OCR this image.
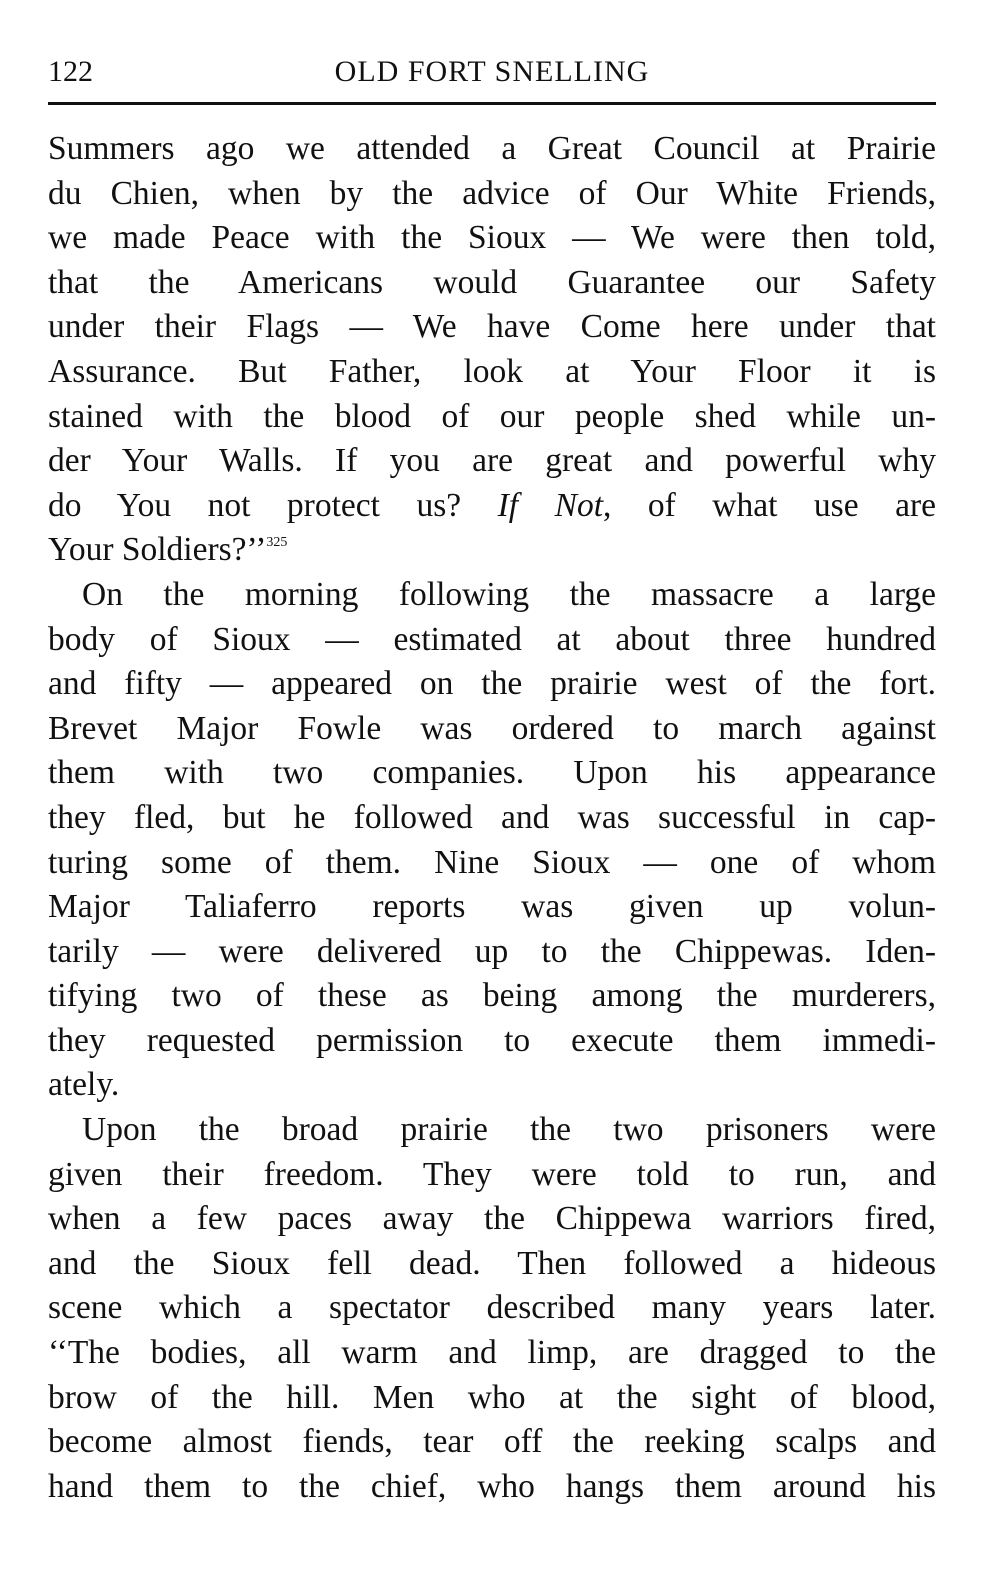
122	OLD FORT SNELLING
Summers ago we attended a Great Council at Prairie
du Chien, when by the advice of Our White Friends,
we made Peace with the Sioux — We were then told,
that the Americans would Guarantee our Safety
under their Flags — We have Come here under that
Assurance. But Father, look at Your Floor it is
stained with the blood of our people shed while un-
der Your Walls. If you are great and powerful why
do You not protect us? If Not, of what use are
Your Soldiers?’’$^{325}$
On the morning following the massacre a large
body of Sioux — estimated at about three hundred
and fifty — appeared on the prairie west of the fort.
Brevet Major Fowle was ordered to march against
them with two companies. Upon his appearance
they fled, but he followed and was successful in cap-
turing some of them. Nine Sioux — one of whom
Major Taliaferro reports was given up volun-
tarily — were delivered up to the Chippewas. Iden-
tifying two of these as being among the murderers,
they requested permission to execute them immedi-
ately.
Upon the broad prairie the two prisoners were
given their freedom. They were told to run, and
when a few paces away the Chippewa warriors fired,
and the Sioux fell dead. Then followed a hideous
scene which a spectator described many years later.
‘‘The bodies, all warm and limp, are dragged to the
brow of the hill. Men who at the sight of blood,
become almost fiends, tear off the reeking scalps and
hand them to the chief, who hangs them around his
